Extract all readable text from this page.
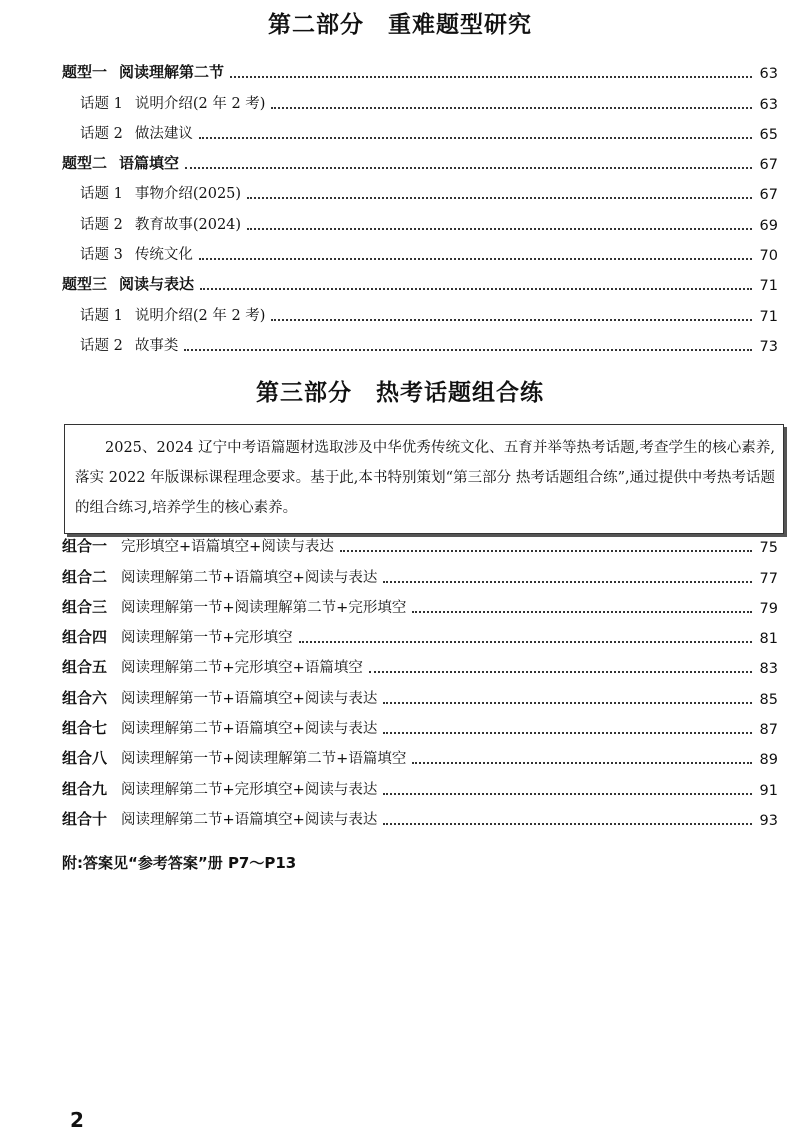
第二部分　重难题型研究
题型一 阅读理解第二节	63
话题 1 说明介绍(2 年 2 考)	63
话题 2 做法建议	65
题型二 语篇填空	67
话题 1 事物介绍(2025)	67
话题 2 教育故事(2024)	69
话题 3 传统文化	70
题型三 阅读与表达	71
话题 1 说明介绍(2 年 2 考)	71
话题 2 故事类	73
第三部分　热考话题组合练
2025、2024 辽宁中考语篇题材选取涉及中华优秀传统文化、五育并举等热考话题,考查学生的核心素养,落实 2022 年版课标课程理念要求。基于此,本书特别策划“第三部分 热考话题组合练”,通过提供中考热考话题的组合练习,培养学生的核心素养。
组合一 完形填空+语篇填空+阅读与表达	75
组合二 阅读理解第二节+语篇填空+阅读与表达	77
组合三 阅读理解第一节+阅读理解第二节+完形填空	79
组合四 阅读理解第一节+完形填空	81
组合五 阅读理解第二节+完形填空+语篇填空	83
组合六 阅读理解第一节+语篇填空+阅读与表达	85
组合七 阅读理解第二节+语篇填空+阅读与表达	87
组合八 阅读理解第一节+阅读理解第二节+语篇填空	89
组合九 阅读理解第二节+完形填空+阅读与表达	91
组合十 阅读理解第二节+语篇填空+阅读与表达	93
附:答案见“参考答案”册 P7～P13
2
